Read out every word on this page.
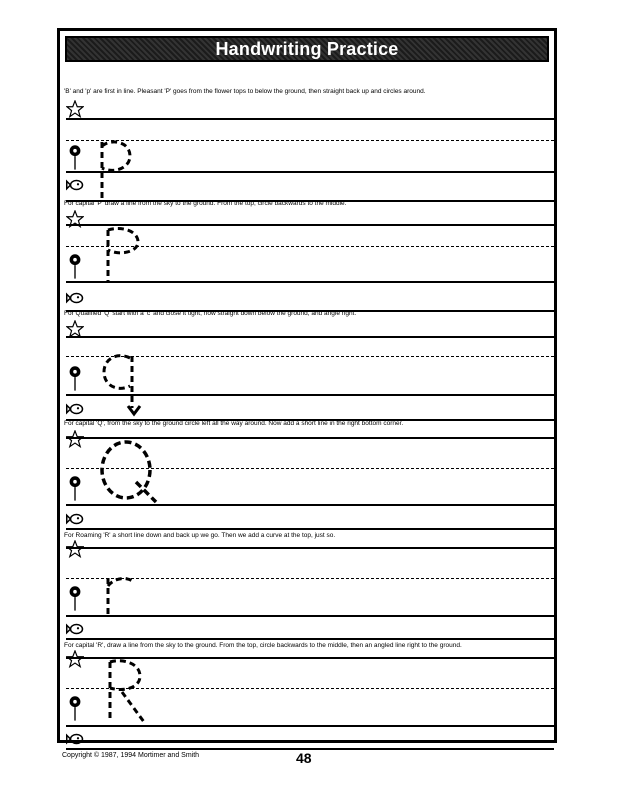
Handwriting Practice
'B' and 'p' are first in line. Pleasant 'P' goes from the flower tops to below the ground, then straight back up and circles around.
For capital 'P' draw a line from the sky to the ground. From the top, circle backwards to the middle.
For Qualified 'Q' start with a 'c' and close it tight, now straight down below the ground, and angle right.
For capital 'Q', from the sky to the ground circle left all the way around. Now add a short line in the right bottom corner.
For Roaming 'R' a short line down and back up we go. Then we add a curve at the top, just so.
For capital 'R', draw a line from the sky to the ground. From the top, circle backwards to the middle, then an angled line right to the ground.
Copyright © 1987, 1994 Mortimer and Smith	48
